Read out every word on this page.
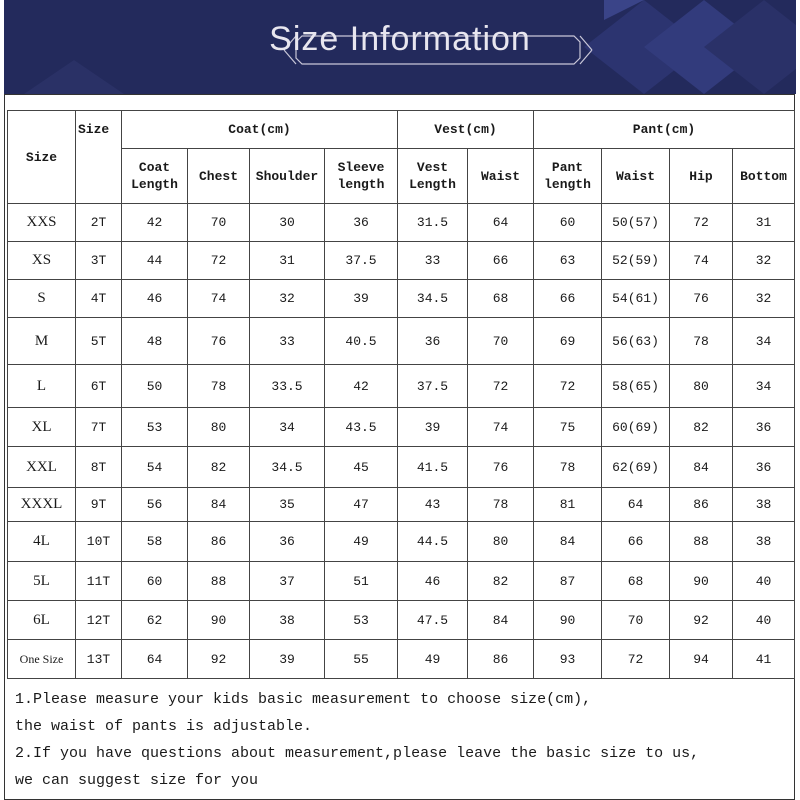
Size Information
Size	Size	Coat(cm)				Vest(cm)		Pant(cm)			
		Coat Length	Chest	Shoulder	Sleeve length	Vest Length	Waist	Pant length	Waist	Hip	Bottom
XXS	2T	42	70	30	36	31.5	64	60	50(57)	72	31
XS	3T	44	72	31	37.5	33	66	63	52(59)	74	32
S	4T	46	74	32	39	34.5	68	66	54(61)	76	32
M	5T	48	76	33	40.5	36	70	69	56(63)	78	34
L	6T	50	78	33.5	42	37.5	72	72	58(65)	80	34
XL	7T	53	80	34	43.5	39	74	75	60(69)	82	36
XXL	8T	54	82	34.5	45	41.5	76	78	62(69)	84	36
XXXL	9T	56	84	35	47	43	78	81	64	86	38
4L	10T	58	86	36	49	44.5	80	84	66	88	38
5L	11T	60	88	37	51	46	82	87	68	90	40
6L	12T	62	90	38	53	47.5	84	90	70	92	40
One Size	13T	64	92	39	55	49	86	93	72	94	41
1.Please measure your kids basic measurement to choose size(cm),
the waist of pants is adjustable.
2.If you have questions about measurement,please leave the basic size to us,
we can suggest size for you
